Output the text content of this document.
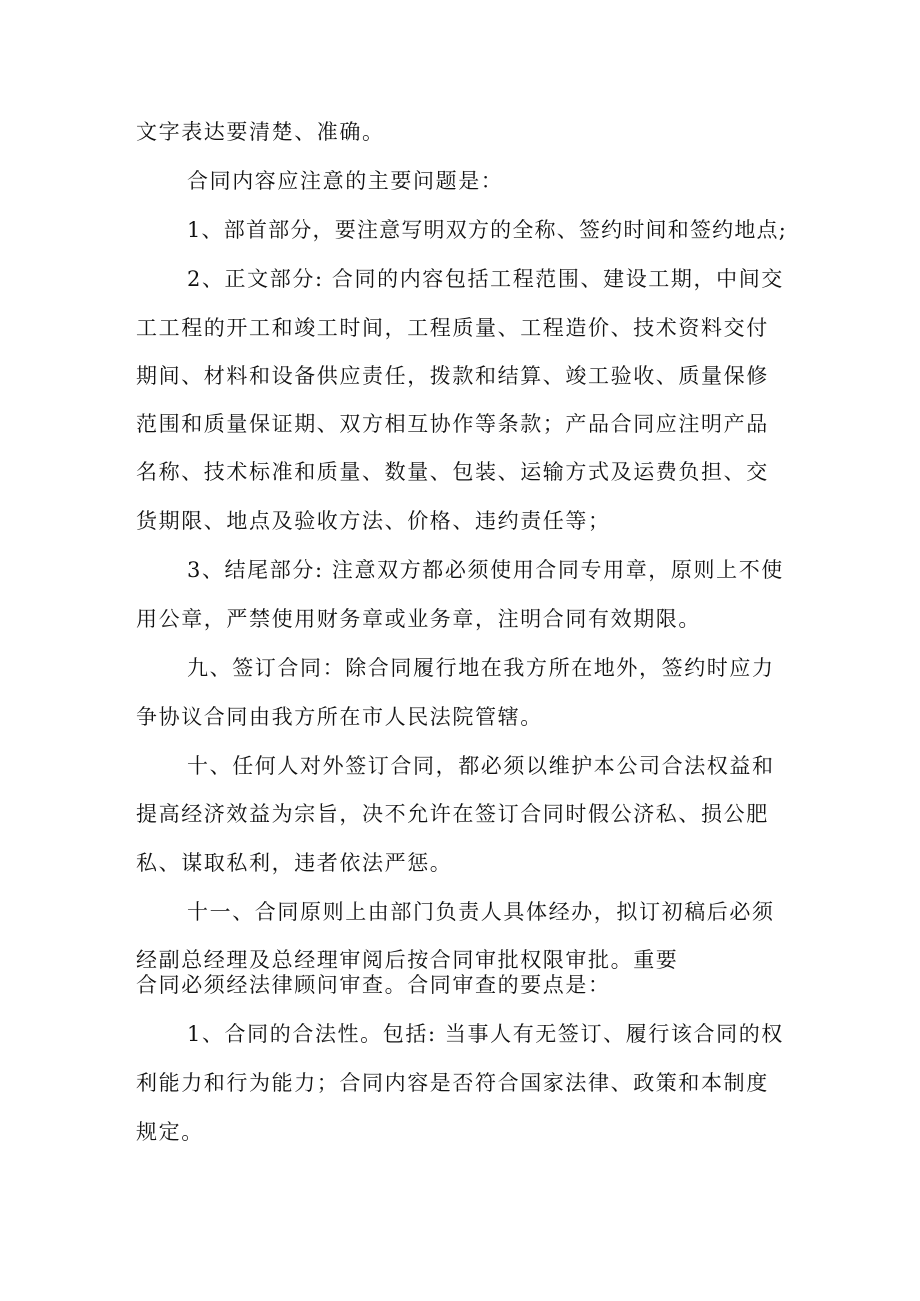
文字表达要清楚、准确。
合同内容应注意的主要问题是：
1、部首部分，要注意写明双方的全称、签约时间和签约地点;
2、正文部分: 合同的内容包括工程范围、建设工期，中间交
工工程的开工和竣工时间，工程质量、工程造价、技术资料交付
期间、材料和设备供应责任，拨款和结算、竣工验收、质量保修
范围和质量保证期、双方相互协作等条款；产品合同应注明产品
名称、技术标准和质量、数量、包装、运输方式及运费负担、交
货期限、地点及验收方法、价格、违约责任等；
3、结尾部分: 注意双方都必须使用合同专用章，原则上不使
用公章，严禁使用财务章或业务章，注明合同有效期限。
九、签订合同：除合同履行地在我方所在地外，签约时应力
争协议合同由我方所在市人民法院管辖。
十、任何人对外签订合同，都必须以维护本公司合法权益和
提高经济效益为宗旨，决不允许在签订合同时假公济私、损公肥
私、谋取私利，违者依法严惩。
十一、合同原则上由部门负责人具体经办，拟订初稿后必须
经副总经理及总经理审阅后按合同审批权限审批。重要
合同必须经法律顾问审查。合同审查的要点是：
1、合同的合法性。包括: 当事人有无签订、履行该合同的权
利能力和行为能力；合同内容是否符合国家法律、政策和本制度
规定。
